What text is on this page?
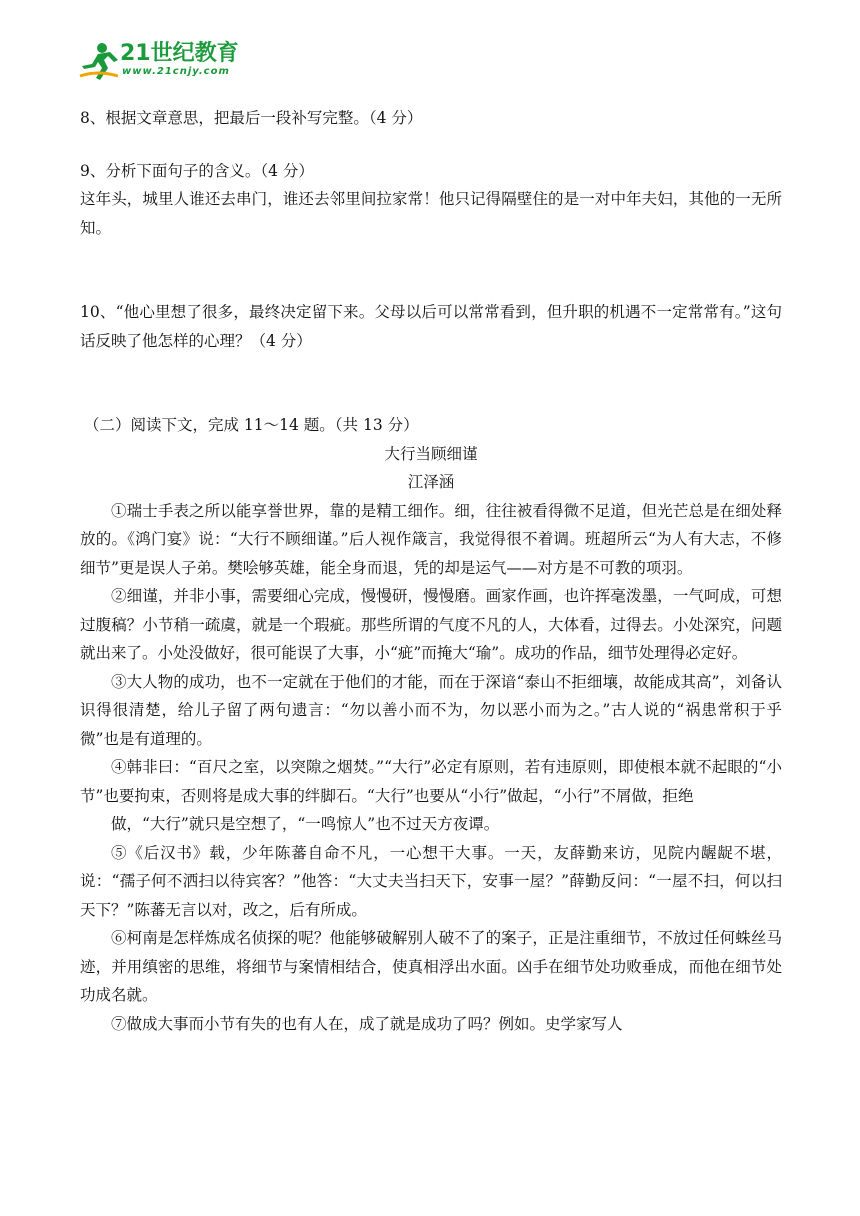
21世纪教育
www.21cnjy.com

8、根据文章意思，把最后一段补写完整。（4 分）

9、分析下面句子的含义。（4 分）

这年头，城里人谁还去串门，谁还去邻里间拉家常！他只记得隔壁住的是一对中年夫妇，其他的一无所知。

10、“他心里想了很多，最终决定留下来。父母以后可以常常看到，但升职的机遇不一定常常有。”这句话反映了他怎样的心理？（4 分）

（二）阅读下文，完成 11～14 题。（共 13 分）

大行当顾细谨

江泽涵

①瑞士手表之所以能享誉世界，靠的是精工细作。细，往往被看得微不足道，但光芒总是在细处释放的。《鸿门宴》说：“大行不顾细谨。”后人视作箴言，我觉得很不着调。班超所云“为人有大志，不修细节”更是误人子弟。樊哙够英雄，能全身而退，凭的却是运气——对方是不可教的项羽。

②细谨，并非小事，需要细心完成，慢慢研，慢慢磨。画家作画，也许挥毫泼墨，一气呵成，可想过腹稿？小节稍一疏虞，就是一个瑕疵。那些所谓的气度不凡的人，大体看，过得去。小处深究，问题就出来了。小处没做好，很可能误了大事，小“疵”而掩大“瑜”。成功的作品，细节处理得必定好。

③大人物的成功，也不一定就在于他们的才能，而在于深谙“泰山不拒细壤，故能成其高”，刘备认识得很清楚，给儿子留了两句遗言：“勿以善小而不为，勿以恶小而为之。”古人说的“祸患常积于乎微”也是有道理的。

④韩非曰：“百尺之室，以突隙之烟焚。”“大行”必定有原则，若有违原则，即使根本就不起眼的“小节”也要拘束，否则将是成大事的绊脚石。“大行”也要从“小行”做起，“小行”不屑做，拒绝

做，“大行”就只是空想了，“一鸣惊人”也不过天方夜谭。

⑤《后汉书》载，少年陈蕃自命不凡，一心想干大事。一天，友薛勤来访，见院内龌龊不堪，说：“孺子何不洒扫以待宾客？”他答：“大丈夫当扫天下，安事一屋？”薛勤反问：“一屋不扫，何以扫天下？”陈蕃无言以对，改之，后有所成。

⑥柯南是怎样炼成名侦探的呢？他能够破解别人破不了的案子，正是注重细节，不放过任何蛛丝马迹，并用缜密的思维，将细节与案情相结合，使真相浮出水面。凶手在细节处功败垂成，而他在细节处功成名就。

⑦做成大事而小节有失的也有人在，成了就是成功了吗？例如。史学家写人
